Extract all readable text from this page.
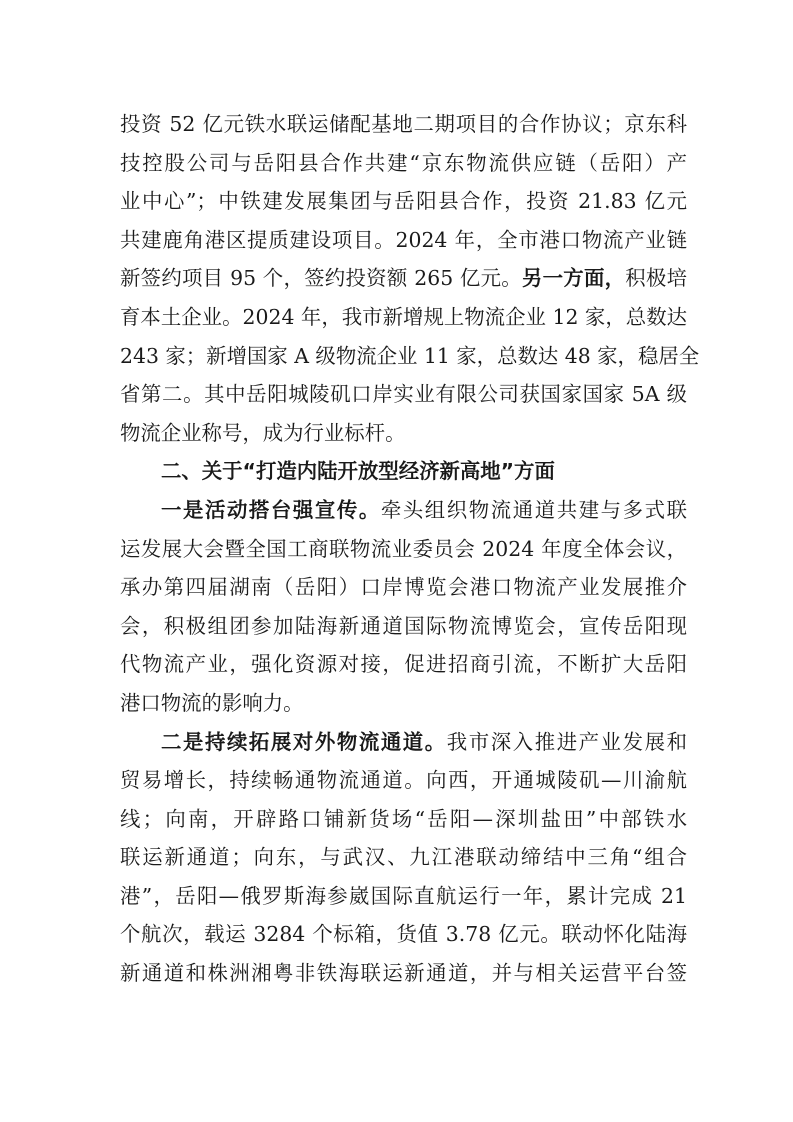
投资 52 亿元铁水联运储配基地二期项目的合作协议；京东科
技控股公司与岳阳县合作共建“京东物流供应链（岳阳）产
业中心”；中铁建发展集团与岳阳县合作，投资 21.83 亿元
共建鹿角港区提质建设项目。2024 年，全市港口物流产业链
新签约项目 95 个，签约投资额 265 亿元。另一方面，积极培
育本土企业。2024 年，我市新增规上物流企业 12 家，总数达
243 家；新增国家 A 级物流企业 11 家，总数达 48 家，稳居全
省第二。其中岳阳城陵矶口岸实业有限公司获国家国家 5A 级
物流企业称号，成为行业标杆。
二、关于“打造内陆开放型经济新高地”方面
一是活动搭台强宣传。牵头组织物流通道共建与多式联
运发展大会暨全国工商联物流业委员会 2024 年度全体会议，
承办第四届湖南（岳阳）口岸博览会港口物流产业发展推介
会，积极组团参加陆海新通道国际物流博览会，宣传岳阳现
代物流产业，强化资源对接，促进招商引流，不断扩大岳阳
港口物流的影响力。
二是持续拓展对外物流通道。我市深入推进产业发展和
贸易增长，持续畅通物流通道。向西，开通城陵矶—川渝航
线；向南，开辟路口铺新货场“岳阳—深圳盐田”中部铁水
联运新通道；向东，与武汉、九江港联动缔结中三角“组合
港”，岳阳—俄罗斯海参崴国际直航运行一年，累计完成 21
个航次，载运 3284 个标箱，货值 3.78 亿元。联动怀化陆海
新通道和株洲湘粤非铁海联运新通道，并与相关运营平台签
